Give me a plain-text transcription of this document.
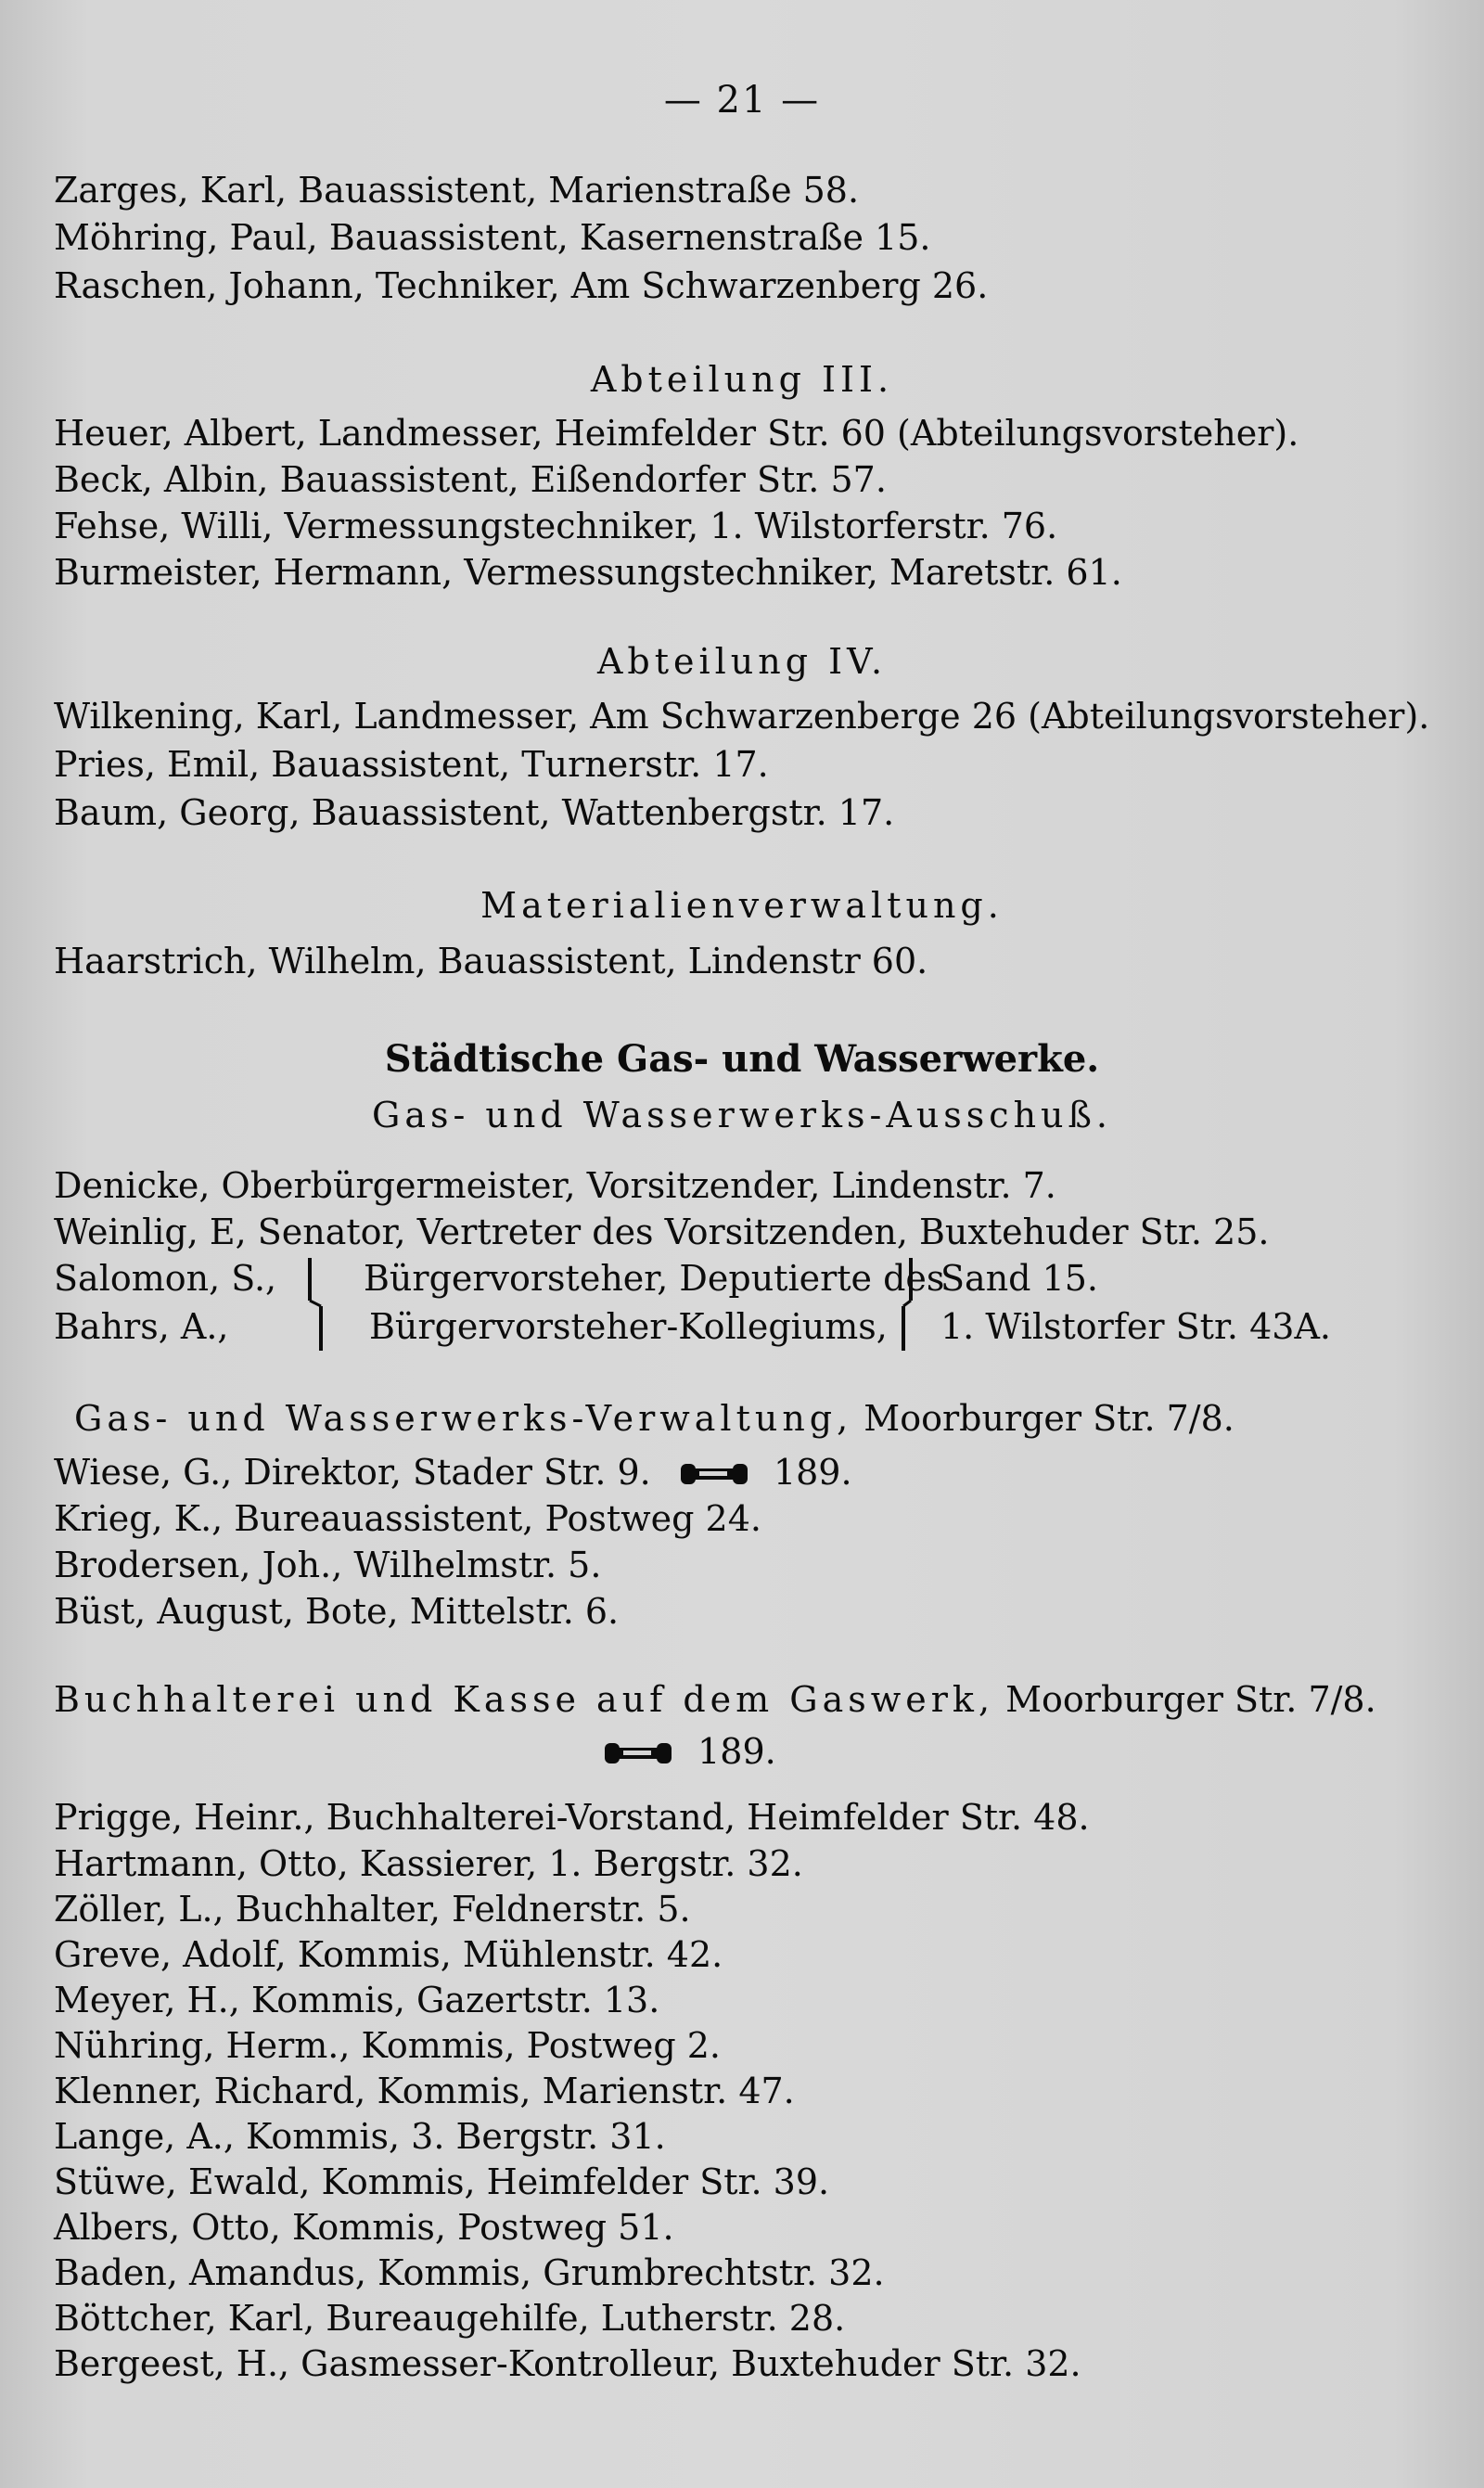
— 21 —
Zarges, Karl, Bauassistent, Marienstraße 58.
Möhring, Paul, Bauassistent, Kasernenstraße 15.
Raschen, Johann, Techniker, Am Schwarzenberg 26.
Abteilung III.
Heuer, Albert, Landmesser, Heimfelder Str. 60 (Abteilungsvorsteher).
Beck, Albin, Bauassistent, Eißendorfer Str. 57.
Fehse, Willi, Vermessungstechniker, 1. Wilstorferstr. 76.
Burmeister, Hermann, Vermessungstechniker, Maretstr. 61.
Abteilung IV.
Wilkening, Karl, Landmesser, Am Schwarzenberge 26 (Abteilungsvorsteher).
Pries, Emil, Bauassistent, Turnerstr. 17.
Baum, Georg, Bauassistent, Wattenbergstr. 17.
Materialienverwaltung.
Haarstrich, Wilhelm, Bauassistent, Lindenstr 60.
Städtische Gas- und Wasserwerke.
Gas- und Wasserwerks-Ausschuß.
Denicke, Oberbürgermeister, Vorsitzender, Lindenstr. 7.
Weinlig, E, Senator, Vertreter des Vorsitzenden, Buxtehuder Str. 25.
Salomon, S.,
Bahrs, A.,
Bürgervorsteher, Deputierte des
Bürgervorsteher-Kollegiums,
Sand 15.
1. Wilstorfer Str. 43A.
Gas- und Wasserwerks-Verwaltung, Moorburger Str. 7/8.
Wiese, G., Direktor, Stader Str. 9.	189.
Krieg, K., Bureauassistent, Postweg 24.
Brodersen, Joh., Wilhelmstr. 5.
Büst, August, Bote, Mittelstr. 6.
Buchhalterei und Kasse auf dem Gaswerk, Moorburger Str. 7/8.
189.
Prigge, Heinr., Buchhalterei-Vorstand, Heimfelder Str. 48.
Hartmann, Otto, Kassierer, 1. Bergstr. 32.
Zöller, L., Buchhalter, Feldnerstr. 5.
Greve, Adolf, Kommis, Mühlenstr. 42.
Meyer, H., Kommis, Gazertstr. 13.
Nühring, Herm., Kommis, Postweg 2.
Klenner, Richard, Kommis, Marienstr. 47.
Lange, A., Kommis, 3. Bergstr. 31.
Stüwe, Ewald, Kommis, Heimfelder Str. 39.
Albers, Otto, Kommis, Postweg 51.
Baden, Amandus, Kommis, Grumbrechtstr. 32.
Böttcher, Karl, Bureaugehilfe, Lutherstr. 28.
Bergeest, H., Gasmesser-Kontrolleur, Buxtehuder Str. 32.
